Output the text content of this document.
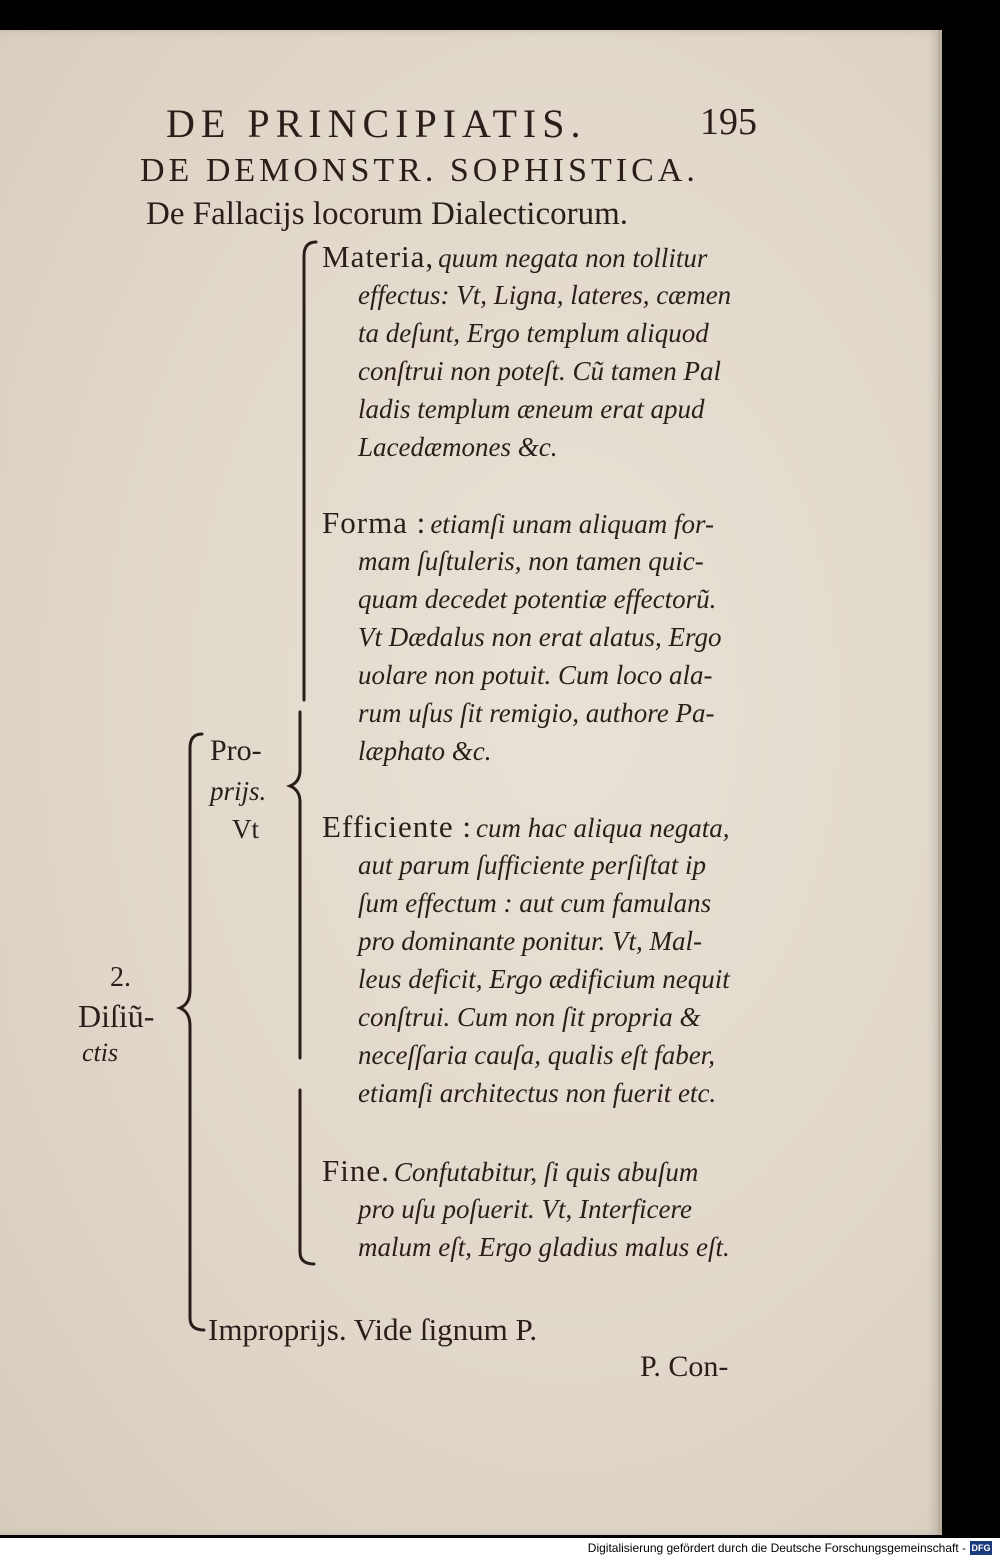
DE PRINCIPIATIS.	195
DE DEMONSTR. SOPHISTICA.
De Fallacijs locorum Dialecticorum.
2.
Diſiũ-
ctis
Pro-
prijs.
Vt
Improprijs. Vide ſignum P.
Materia, quum negata non tollitur
effectus: Vt, Ligna, lateres, cæmen
ta deſunt, Ergo templum aliquod
conſtrui non poteſt. Cũ tamen Pal
ladis templum æneum erat apud
Lacedæmones &c.
Forma : etiamſi unam aliquam for-
mam ſuſtuleris, non tamen quic-
quam decedet potentiæ effectorũ.
Vt Dædalus non erat alatus, Ergo
uolare non potuit. Cum loco ala-
rum uſus ſit remigio, authore Pa-
læphato &c.
Efficiente : cum hac aliqua negata,
aut parum ſufficiente perſiſtat ip
ſum effectum : aut cum famulans
pro dominante ponitur. Vt, Mal-
leus deficit, Ergo ædificium nequit
conſtrui. Cum non ſit propria &
neceſſaria cauſa, qualis eſt faber,
etiamſi architectus non fuerit etc.
Fine. Confutabitur, ſi quis abuſum
pro uſu poſuerit. Vt, Interficere
malum eſt, Ergo gladius malus eſt.
P. Con-
Digitalisierung gefördert durch die Deutsche Forschungsgemeinschaft - DFG
